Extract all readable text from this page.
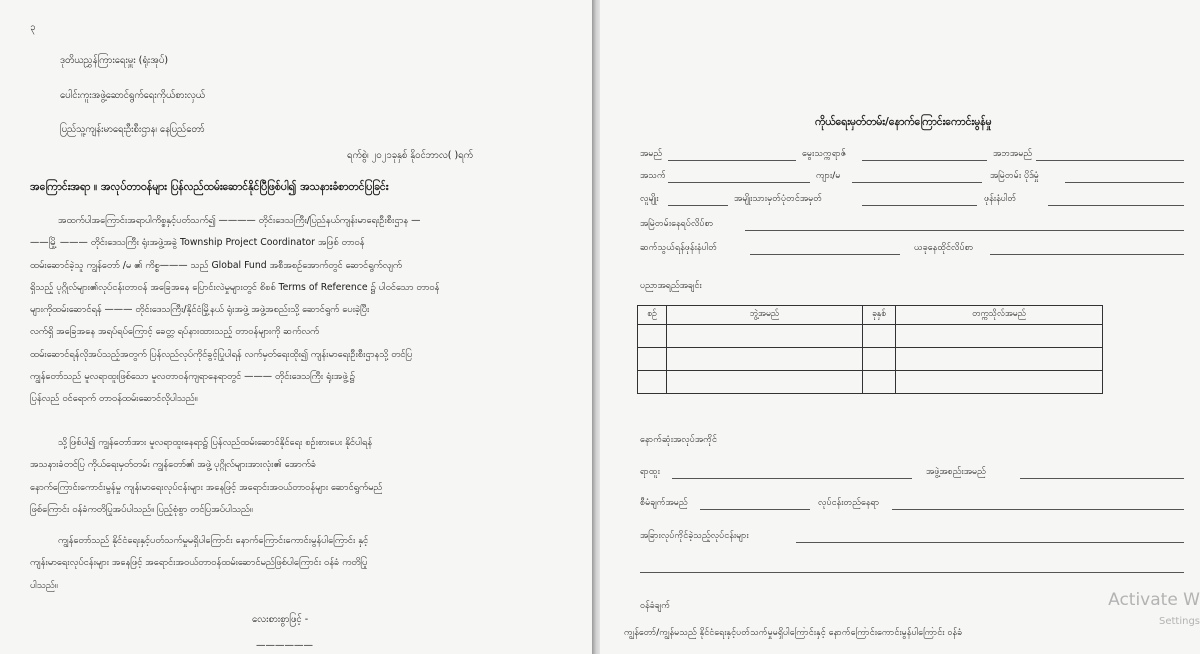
၃
ဒုတိယညွှန်ကြားရေးမှူး (ရုံးအုပ်)
ပေါင်းကူးအဖွဲ့ဆောင်ရွက်ရေးကိုယ်စားလှယ်
ပြည်သူ့ကျန်းမာရေးဦးစီးဌာန၊ နေပြည်တော်
ရက်စွဲ၊ ၂၀၂၁ခုနှစ် နိုဝင်ဘာလ( )ရက်
အကြောင်းအရာ ။ အလုပ်တာဝန်များ ပြန်လည်ထမ်းဆောင်နိုင်ပြီဖြစ်ပါ၍ အသနားခံစာတင်ပြခြင်း
အထက်ပါအကြောင်းအရာပါကိစ္စနှင့်ပတ်သက်၍ ———— တိုင်းဒေသကြီး/ပြည်နယ်ကျန်းမာရေးဦးစီးဌာန —
——မြို့ ——— တိုင်းဒေသကြီး ရုံးအဖွဲ့အခွဲ Township Project Coordinator အဖြစ် တာဝန်
ထမ်းဆောင်ခဲ့သူ ကျွန်တော် /မ ၏ ကိစ္စ——— သည် Global Fund အစီအစဉ်အောက်တွင် ဆောင်ရွက်လျက်
ရှိသည့် ပုဂ္ဂိုလ်များ၏လုပ်ငန်းတာဝန် အခြေအနေ ပြောင်းလဲမှုများတွင် စိစစ် Terms of Reference ၌ ပါဝင်သော တာဝန်
များကိုထမ်းဆောင်ရန် ——— တိုင်းဒေသကြီး/နိုင်ငံမြို့နယ် ရုံးအဖွဲ့ အဖွဲ့အစည်းသို့ ဆောင်ရွက် ပေးခဲ့ပြီး
လက်ရှိ အခြေအနေ အရပ်ရပ်ကြောင့် ခေတ္တ ရပ်နားထားသည့် တာဝန်များကို ဆက်လက်
ထမ်းဆောင်ရန်လိုအပ်သည့်အတွက် ပြန်လည်လုပ်ကိုင်ခွင့်ပြုပါရန် လက်မှတ်ရေးထိုး၍ ကျန်းမာရေးဦးစီးဌာနသို့ တင်ပြ
ကျွန်တော်သည် မူလရာထူးဖြစ်သော မူလတာဝန်ကျရာနေရာတွင် ——— တိုင်းဒေသကြီး ရုံးအဖွဲ့၌
ပြန်လည် ဝင်ရောက် တာဝန်ထမ်းဆောင်လိုပါသည်။
သို့ဖြစ်ပါ၍ ကျွန်တော်အား မူလရာထူးနေရာ၌ ပြန်လည်ထမ်းဆောင်နိုင်ရေး စဉ်းစားပေး နိုင်ပါရန်
အသနားခံတင်ပြ ကိုယ်ရေးမှတ်တမ်း ကျွန်တော်၏ အဖွဲ့ ပုဂ္ဂိုလ်များအားလုံး၏ အောက်ခံ
နောက်ကြောင်းကောင်းမွန်မှု ကျန်းမာရေးလုပ်ငန်းများ အနေဖြင့် အရောင်းအဝယ်တာဝန်များ ဆောင်ရွက်မည်
ဖြစ်ကြောင်း ဝန်ခံကတိပြုအပ်ပါသည်။ ပြည့်စုံစွာ တင်ပြအပ်ပါသည်။
ကျွန်တော်သည် နိုင်ငံရေးနှင့်ပတ်သက်မှုမရှိပါကြောင်း နောက်ကြောင်းကောင်းမွန်ပါကြောင်း နှင့်
ကျန်းမာရေးလုပ်ငန်းများ အနေဖြင့် အရောင်းအဝယ်တာဝန်ထမ်းဆောင်မည်ဖြစ်ပါကြောင်း ဝန်ခံ ကတိပြု
ပါသည်။
လေးစားစွာဖြင့် -
——————
ကိုယ်ရေးမှတ်တမ်း/နောက်ကြောင်းကောင်းမွန်မှု
အမည်	မွေးသက္ကရာဇ်	အဘအမည်
အသက်	ကျား/မ	အမြဲတမ်း ပိုဒ်မှုံ
လူမျိုး	အမျိုးသားမှတ်ပုံတင်အမှတ်	ဖုန်းနံပါတ်
အမြဲတမ်းနေရပ်လိပ်စာ
ဆက်သွယ်ရန်ဖုန်းနံပါတ်	ယခုနေထိုင်လိပ်စာ
ပညာအရည်အချင်း
စဉ်	ဘွဲ့အမည်	ခုနှစ်	တက္ကသိုလ်အမည်

နောက်ဆုံးအလုပ်အကိုင်
ရာထူး	အဖွဲ့အစည်းအမည်
စီမံချက်အမည်	လုပ်ငန်းတည်နေရာ
အခြားလုပ်ကိုင်ခဲ့သည့်လုပ်ငန်းများ
ဝန်ခံချက်
ကျွန်တော်/ကျွန်မသည် နိုင်ငံရေးနှင့်ပတ်သက်မှုမရှိပါကြောင်းနှင့် နောက်ကြောင်းကောင်းမွန်ပါကြောင်း ဝန်ခံ
Activate W
Settings
